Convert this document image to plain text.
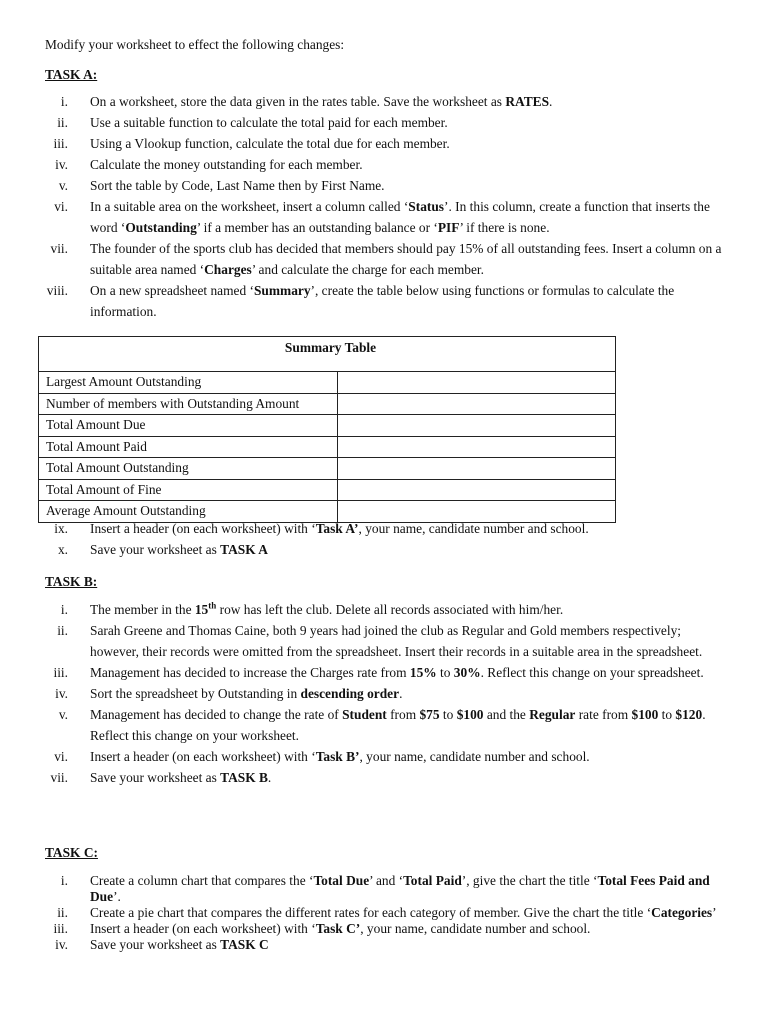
Modify your worksheet to effect the following changes:
TASK A:
i. On a worksheet, store the data given in the rates table. Save the worksheet as RATES.
ii. Use a suitable function to calculate the total paid for each member.
iii. Using a Vlookup function, calculate the total due for each member.
iv. Calculate the money outstanding for each member.
v. Sort the table by Code, Last Name then by First Name.
vi. In a suitable area on the worksheet, insert a column called ‘Status’. In this column, create a function that inserts the word ‘Outstanding’ if a member has an outstanding balance or ‘PIF’ if there is none.
vii. The founder of the sports club has decided that members should pay 15% of all outstanding fees. Insert a column on a suitable area named ‘Charges’ and calculate the charge for each member.
viii. On a new spreadsheet named ‘Summary’, create the table below using functions or formulas to calculate the information.
Summary Table	
Largest Amount Outstanding	
Number of members with Outstanding Amount	
Total Amount Due	
Total Amount Paid	
Total Amount Outstanding	
Total Amount of Fine	
Average Amount Outstanding	
ix. Insert a header (on each worksheet) with ‘Task A’, your name, candidate number and school.
x. Save your worksheet as TASK A
TASK B:
i. The member in the 15th row has left the club. Delete all records associated with him/her.
ii. Sarah Greene and Thomas Caine, both 9 years had joined the club as Regular and Gold members respectively; however, their records were omitted from the spreadsheet. Insert their records in a suitable area in the spreadsheet.
iii. Management has decided to increase the Charges rate from 15% to 30%. Reflect this change on your spreadsheet.
iv. Sort the spreadsheet by Outstanding in descending order.
v. Management has decided to change the rate of Student from $75 to $100 and the Regular rate from $100 to $120. Reflect this change on your worksheet.
vi. Insert a header (on each worksheet) with ‘Task B’, your name, candidate number and school.
vii. Save your worksheet as TASK B.
TASK C:
i. Create a column chart that compares the ‘Total Due’ and ‘Total Paid’, give the chart the title ‘Total Fees Paid and Due’.
ii. Create a pie chart that compares the different rates for each category of member. Give the chart the title ‘Categories’
iii. Insert a header (on each worksheet) with ‘Task C’, your name, candidate number and school.
iv. Save your worksheet as TASK C
